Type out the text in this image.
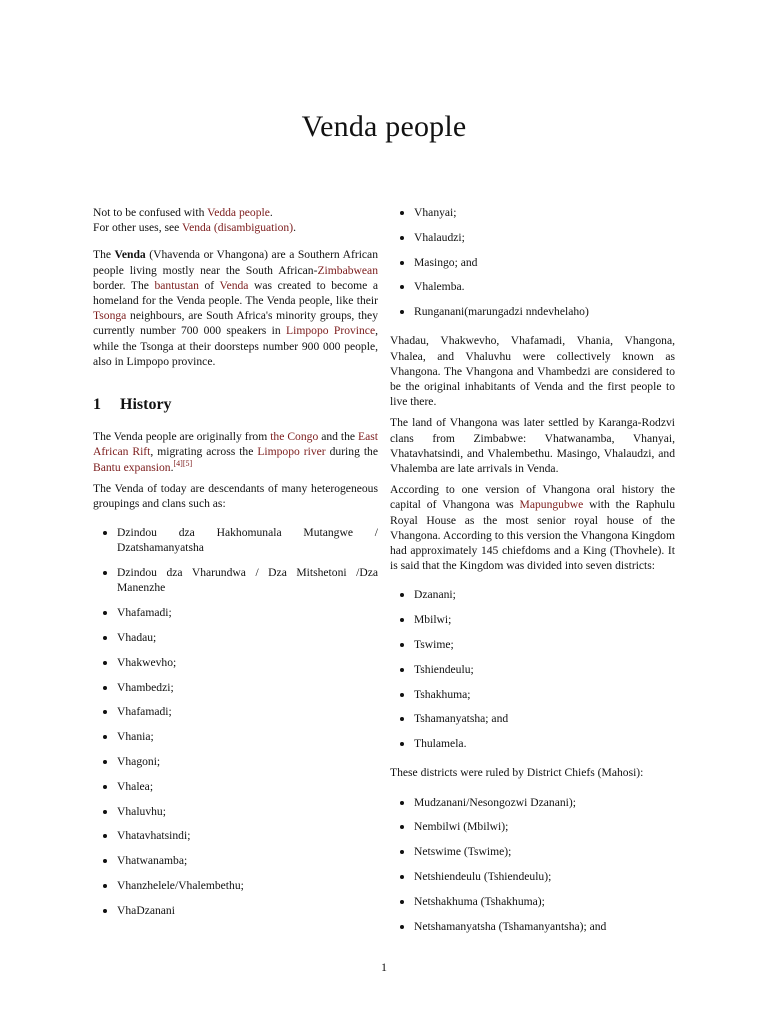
Venda people

Not to be confused with Vedda people.

For other uses, see Venda (disambiguation).

The Venda (Vhavenda or Vhangona) are a Southern African people living mostly near the South African-Zimbabwean border. The bantustan of Venda was created to become a homeland for the Venda people. The Venda people, like their Tsonga neighbours, are South Africa's minority groups, they currently number 700 000 speakers in Limpopo Province, while the Tsonga at their doorsteps number 900 000 people, also in Limpopo province.

1 History

The Venda people are originally from the Congo and the East African Rift, migrating across the Limpopo river during the Bantu expansion.[4][5]

The Venda of today are descendants of many heterogeneous groupings and clans such as:

Dzindou dza Hakhomunala Mutangwe / Dzatshamanyatsha
Dzindou dza Vharundwa / Dza Mitshetoni /Dza Manenzhe
Vhafamadi;
Vhadau;
Vhakwevho;
Vhambedzi;
Vhafamadi;
Vhania;
Vhagoni;
Vhalea;
Vhaluvhu;
Vhatavhatsindi;
Vhatwanamba;
Vhanzhelele/Vhalembethu;
VhaDzanani
Vhanyai;
Vhalaudzi;
Masingo; and
Vhalemba.
Runganani(marungadzi nndevhelaho)

Vhadau, Vhakwevho, Vhafamadi, Vhania, Vhangona, Vhalea, and Vhaluvhu were collectively known as Vhangona. The Vhangona and Vhambedzi are considered to be the original inhabitants of Venda and the first people to live there.

The land of Vhangona was later settled by Karanga-Rodzvi clans from Zimbabwe: Vhatwanamba, Vhanyai, Vhatavhatsindi, and Vhalembethu. Masingo, Vhalaudzi, and Vhalemba are late arrivals in Venda.

According to one version of Vhangona oral history the capital of Vhangona was Mapungubwe with the Raphulu Royal House as the most senior royal house of the Vhangona. According to this version the Vhangona Kingdom had approximately 145 chiefdoms and a King (Thovhele). It is said that the Kingdom was divided into seven districts:

Dzanani;
Mbilwi;
Tswime;
Tshiendeulu;
Tshakhuma;
Tshamanyatsha; and
Thulamela.

These districts were ruled by District Chiefs (Mahosi):

Mudzanani/Nesongozwi Dzanani);
Nembilwi (Mbilwi);
Netswime (Tswime);
Netshiendeulu (Tshiendeulu);
Netshakhuma (Tshakhuma);
Netshamanyatsha (Tshamanyantsha); and
1
